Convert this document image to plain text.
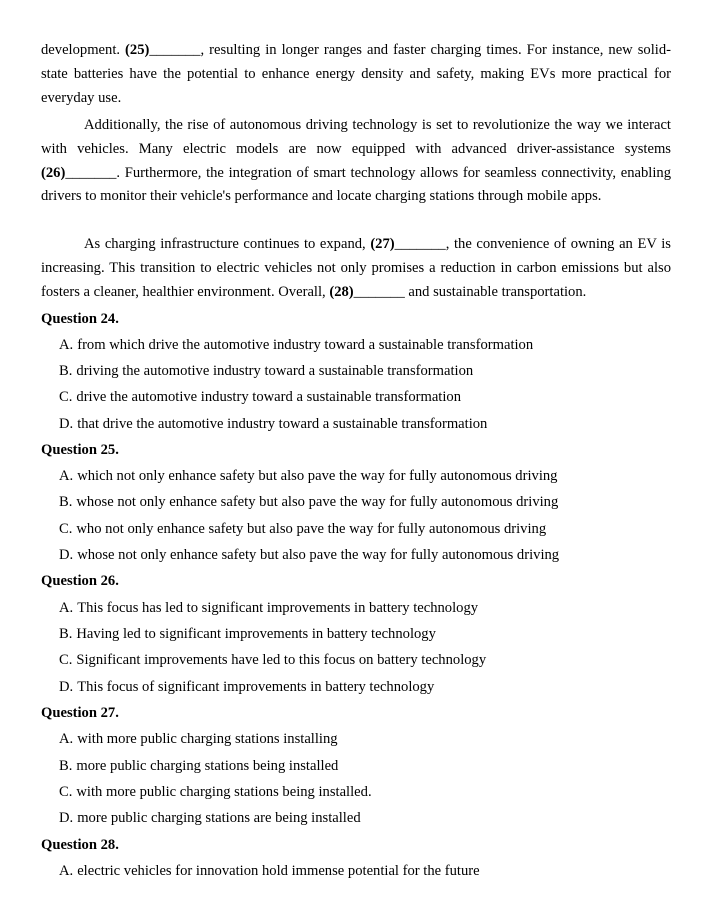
development. (25)_______, resulting in longer ranges and faster charging times. For instance, new solid-state batteries have the potential to enhance energy density and safety, making EVs more practical for everyday use.

Additionally, the rise of autonomous driving technology is set to revolutionize the way we interact with vehicles. Many electric models are now equipped with advanced driver-assistance systems (26)_______. Furthermore, the integration of smart technology allows for seamless connectivity, enabling drivers to monitor their vehicle's performance and locate charging stations through mobile apps.

As charging infrastructure continues to expand, (27)_______, the convenience of owning an EV is increasing. This transition to electric vehicles not only promises a reduction in carbon emissions but also fosters a cleaner, healthier environment. Overall, (28)_______ and sustainable transportation.

Question 24.

A. from which drive the automotive industry toward a sustainable transformation

B. driving the automotive industry toward a sustainable transformation

C. drive the automotive industry toward a sustainable transformation

D. that drive the automotive industry toward a sustainable transformation

Question 25.

A. which not only enhance safety but also pave the way for fully autonomous driving

B. whose not only enhance safety but also pave the way for fully autonomous driving

C. who not only enhance safety but also pave the way for fully autonomous driving

D. whose not only enhance safety but also pave the way for fully autonomous driving

Question 26.

A. This focus has led to significant improvements in battery technology

B. Having led to significant improvements in battery technology

C. Significant improvements have led to this focus on battery technology

D. This focus of significant improvements in battery technology

Question 27.

A. with more public charging stations installing

B. more public charging stations being installed

C. with more public charging stations being installed.

D. more public charging stations are being installed

Question 28.

A. electric vehicles for innovation hold immense potential for the future
